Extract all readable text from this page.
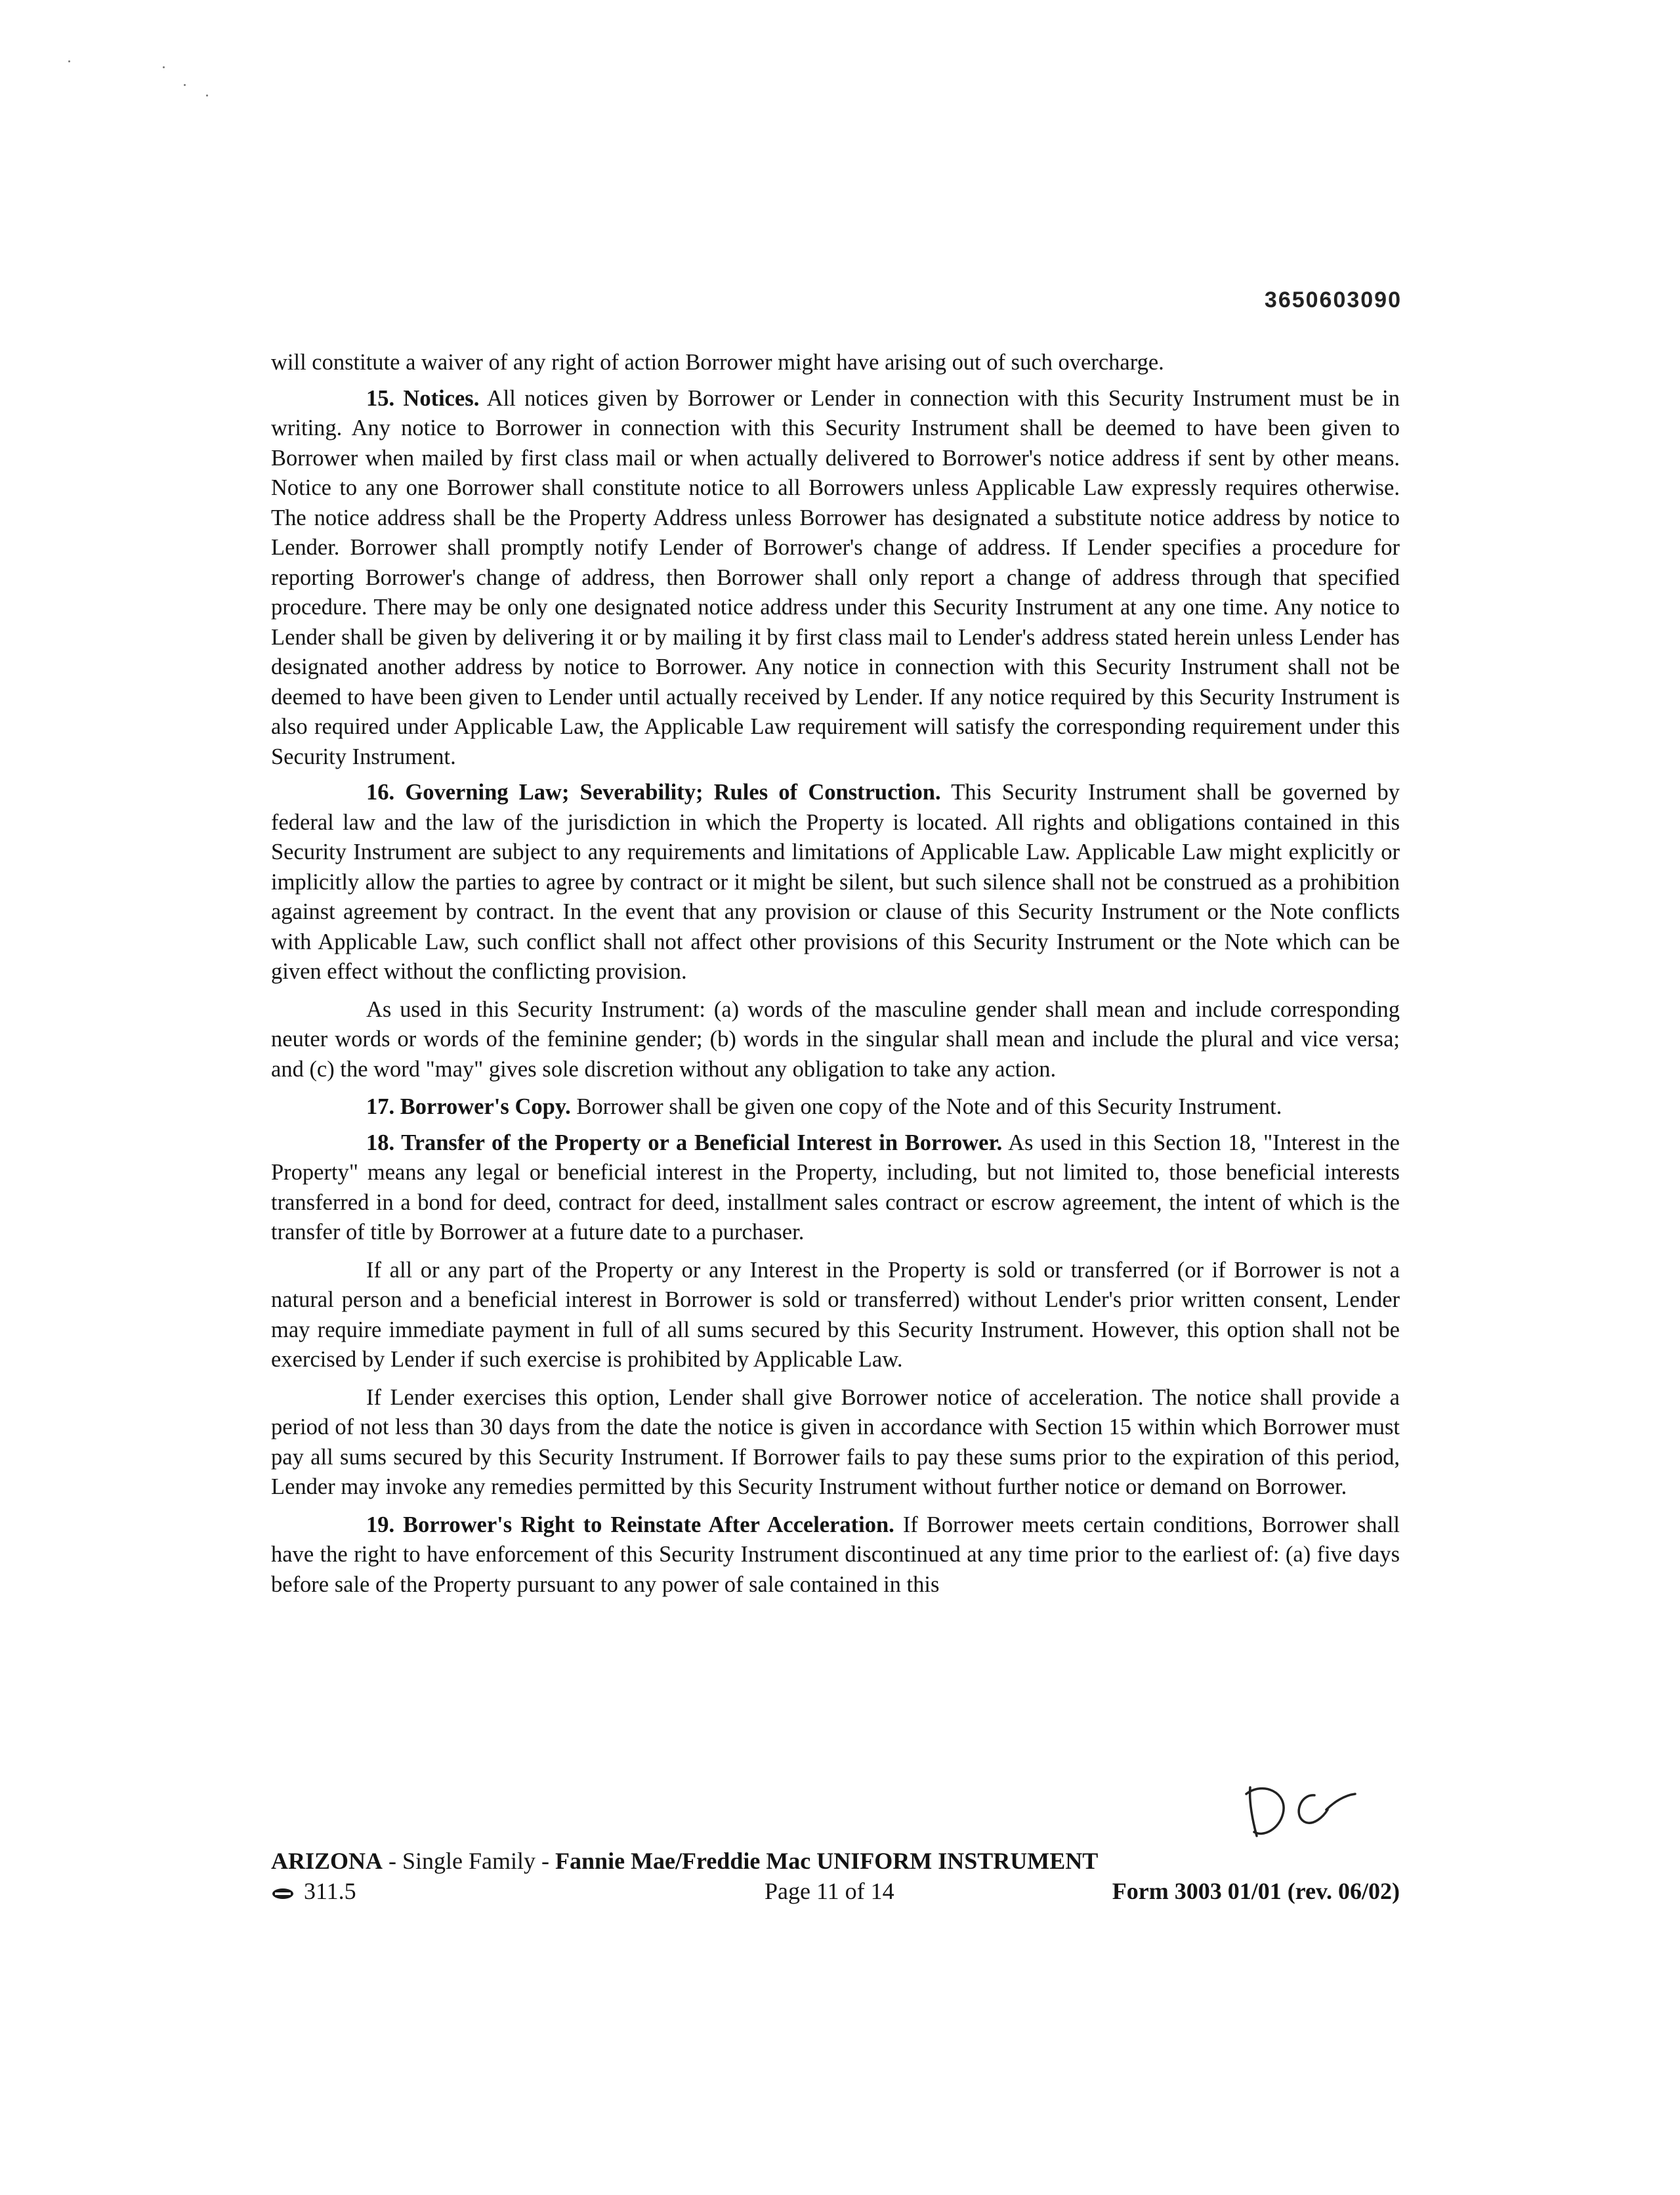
3650603090

will constitute a waiver of any right of action Borrower might have arising out of such overcharge.

15. Notices. All notices given by Borrower or Lender in connection with this Security Instrument must be in writing. Any notice to Borrower in connection with this Security Instrument shall be deemed to have been given to Borrower when mailed by first class mail or when actually delivered to Borrower's notice address if sent by other means. Notice to any one Borrower shall constitute notice to all Borrowers unless Applicable Law expressly requires otherwise. The notice address shall be the Property Address unless Borrower has designated a substitute notice address by notice to Lender. Borrower shall promptly notify Lender of Borrower's change of address. If Lender specifies a procedure for reporting Borrower's change of address, then Borrower shall only report a change of address through that specified procedure. There may be only one designated notice address under this Security Instrument at any one time. Any notice to Lender shall be given by delivering it or by mailing it by first class mail to Lender's address stated herein unless Lender has designated another address by notice to Borrower. Any notice in connection with this Security Instrument shall not be deemed to have been given to Lender until actually received by Lender. If any notice required by this Security Instrument is also required under Applicable Law, the Applicable Law requirement will satisfy the corresponding requirement under this Security Instrument.

16. Governing Law; Severability; Rules of Construction. This Security Instrument shall be governed by federal law and the law of the jurisdiction in which the Property is located. All rights and obligations contained in this Security Instrument are subject to any requirements and limitations of Applicable Law. Applicable Law might explicitly or implicitly allow the parties to agree by contract or it might be silent, but such silence shall not be construed as a prohibition against agreement by contract. In the event that any provision or clause of this Security Instrument or the Note conflicts with Applicable Law, such conflict shall not affect other provisions of this Security Instrument or the Note which can be given effect without the conflicting provision.

As used in this Security Instrument: (a) words of the masculine gender shall mean and include corresponding neuter words or words of the feminine gender; (b) words in the singular shall mean and include the plural and vice versa; and (c) the word "may" gives sole discretion without any obligation to take any action.

17. Borrower's Copy. Borrower shall be given one copy of the Note and of this Security Instrument.

18. Transfer of the Property or a Beneficial Interest in Borrower. As used in this Section 18, "Interest in the Property" means any legal or beneficial interest in the Property, including, but not limited to, those beneficial interests transferred in a bond for deed, contract for deed, installment sales contract or escrow agreement, the intent of which is the transfer of title by Borrower at a future date to a purchaser.

If all or any part of the Property or any Interest in the Property is sold or transferred (or if Borrower is not a natural person and a beneficial interest in Borrower is sold or transferred) without Lender's prior written consent, Lender may require immediate payment in full of all sums secured by this Security Instrument. However, this option shall not be exercised by Lender if such exercise is prohibited by Applicable Law.

If Lender exercises this option, Lender shall give Borrower notice of acceleration. The notice shall provide a period of not less than 30 days from the date the notice is given in accordance with Section 15 within which Borrower must pay all sums secured by this Security Instrument. If Borrower fails to pay these sums prior to the expiration of this period, Lender may invoke any remedies permitted by this Security Instrument without further notice or demand on Borrower.

19. Borrower's Right to Reinstate After Acceleration. If Borrower meets certain conditions, Borrower shall have the right to have enforcement of this Security Instrument discontinued at any time prior to the earliest of: (a) five days before sale of the Property pursuant to any power of sale contained in this

ARIZONA - Single Family - Fannie Mae/Freddie Mac UNIFORM INSTRUMENT
311.5	Page 11 of 14	Form 3003 01/01 (rev. 06/02)
